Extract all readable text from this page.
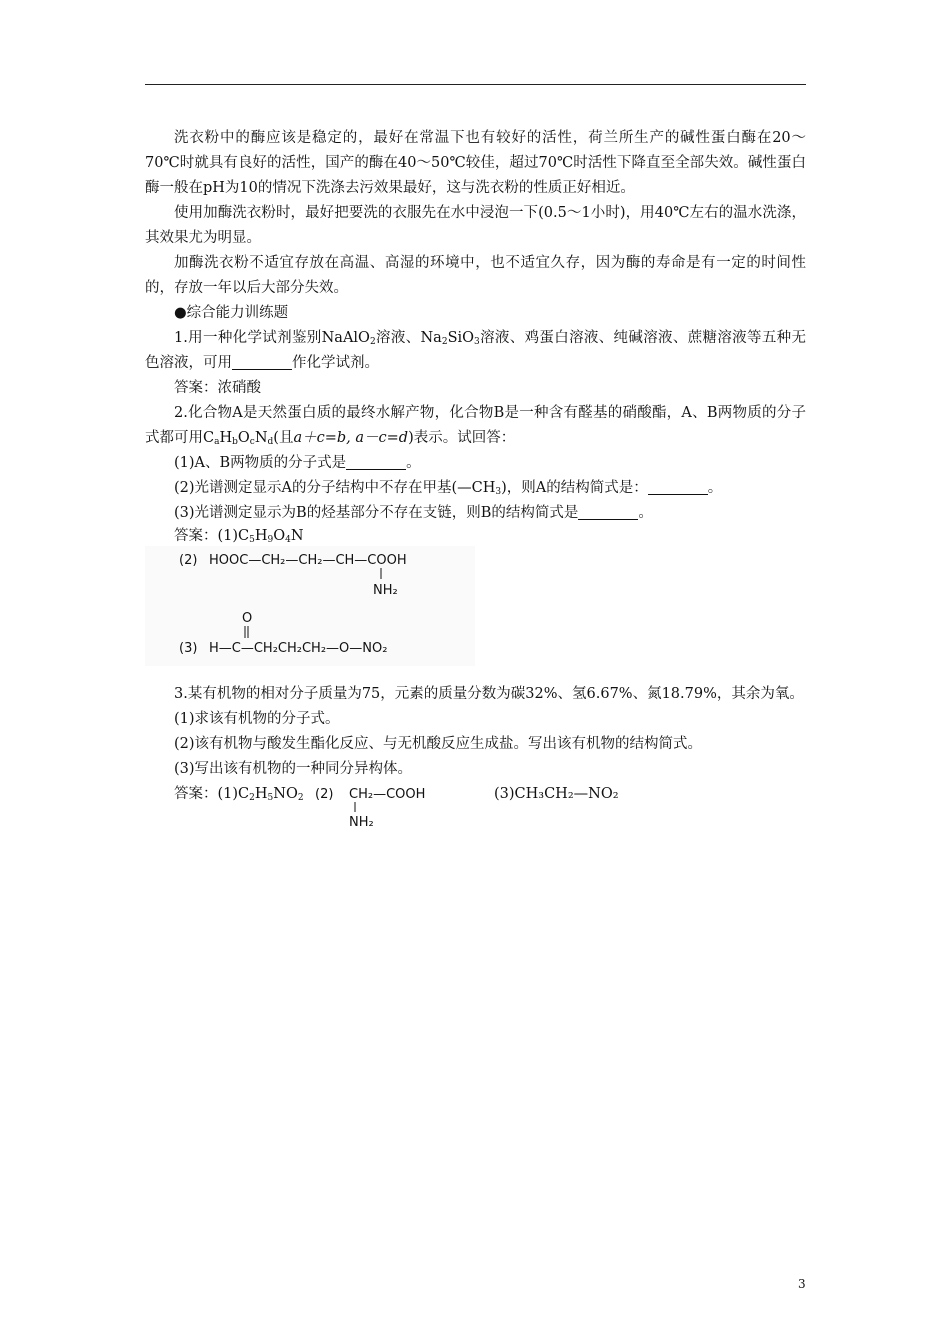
洗衣粉中的酶应该是稳定的，最好在常温下也有较好的活性，荷兰所生产的碱性蛋白酶在20～70℃时就具有良好的活性，国产的酶在40～50℃较佳，超过70℃时活性下降直至全部失效。碱性蛋白酶一般在pH为10的情况下洗涤去污效果最好，这与洗衣粉的性质正好相近。

使用加酶洗衣粉时，最好把要洗的衣服先在水中浸泡一下(0.5～1小时)，用40℃左右的温水洗涤，其效果尤为明显。

加酶洗衣粉不适宜存放在高温、高湿的环境中，也不适宜久存，因为酶的寿命是有一定的时间性的，存放一年以后大部分失效。

●综合能力训练题

1.用一种化学试剂鉴别NaAlO$_2$溶液、$Na_2SiO_3$溶液、鸡蛋白溶液、纯碱溶液、蔗糖溶液等五种无色溶液，可用	作化学试剂。

答案：浓硝酸

2.化合物A是天然蛋白质的最终水解产物，化合物B是一种含有醛基的硝酸酯，A、B两物质的分子式都可用$C_aH_bO_cN_d$(且a＋c=b, a－c=d)表示。试回答：

(1)A、B两物质的分子式是	。

(2)光谱测定显示A的分子结构中不存在甲基$(—CH_3)$，则A的结构简式是：	。

(3)光谱测定显示为B的烃基部分不存在支链，则B的结构简式是	。

答案：$(1)C_5H_9O_4N$

(2) HOOC—CH₂—CH₂—CH—COOH
NH₂
O
(3) H—C—CH₂CH₂CH₂—O—NO₂

3.某有机物的相对分子质量为75，元素的质量分数为碳32%、氢6.67%、氮18.79%，其余为氧。

(1)求该有机物的分子式。

(2)该有机物与酸发生酯化反应、与无机酸反应生成盐。写出该有机物的结构简式。

(3)写出该有机物的一种同分异构体。

答案：$(1)C_2H_5NO_2$ (2) CH₂—COOH
NH₂
(3)CH₃CH₂—NO₂
3
